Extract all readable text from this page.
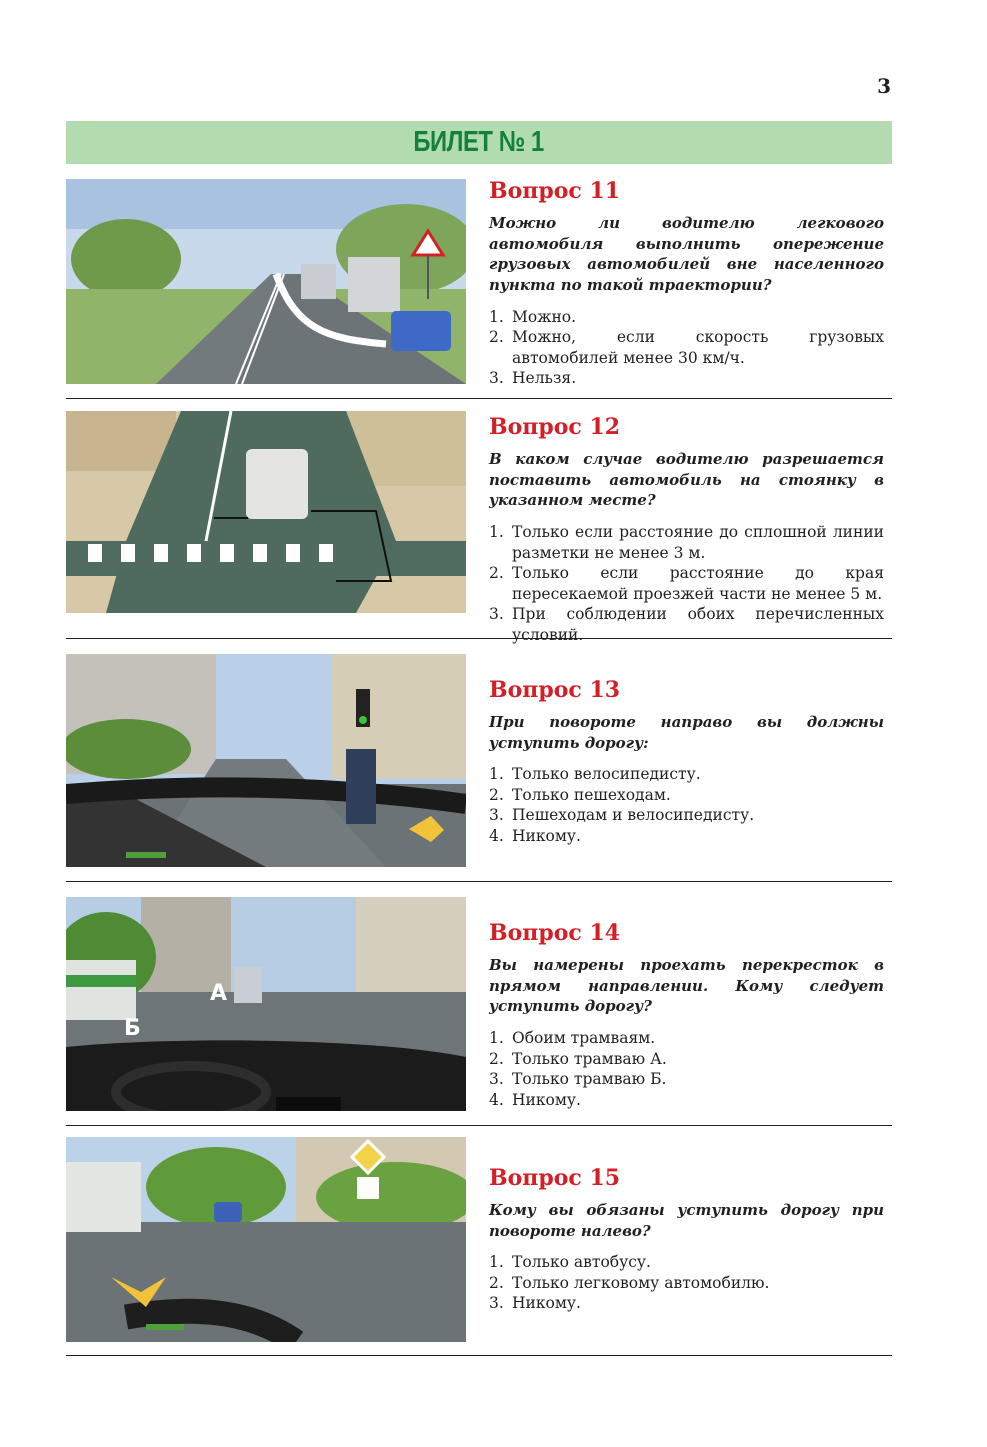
3
БИЛЕТ № 1
Вопрос 11
Можно ли водителю легкового автомобиля выполнить опережение грузовых автомобилей вне населенного пункта по такой траектории?
1. Можно.
2. Можно, если скорость грузовых автомобилей менее 30 км/ч.
3. Нельзя.
Вопрос 12
В каком случае водителю разрешается поставить автомобиль на стоянку в указанном месте?
1. Только если расстояние до сплошной линии разметки не менее 3 м.
2. Только если расстояние до края пересекаемой проезжей части не менее 5 м.
3. При соблюдении обоих перечисленных условий.
Вопрос 13
При повороте направо вы должны уступить дорогу:
1. Только велосипедисту.
2. Только пешеходам.
3. Пешеходам и велосипедисту.
4. Никому.
А
Б
Вопрос 14
Вы намерены проехать перекресток в прямом направлении. Кому следует уступить дорогу?
1. Обоим трамваям.
2. Только трамваю А.
3. Только трамваю Б.
4. Никому.
Вопрос 15
Кому вы обязаны уступить дорогу при повороте налево?
1. Только автобусу.
2. Только легковому автомобилю.
3. Никому.
